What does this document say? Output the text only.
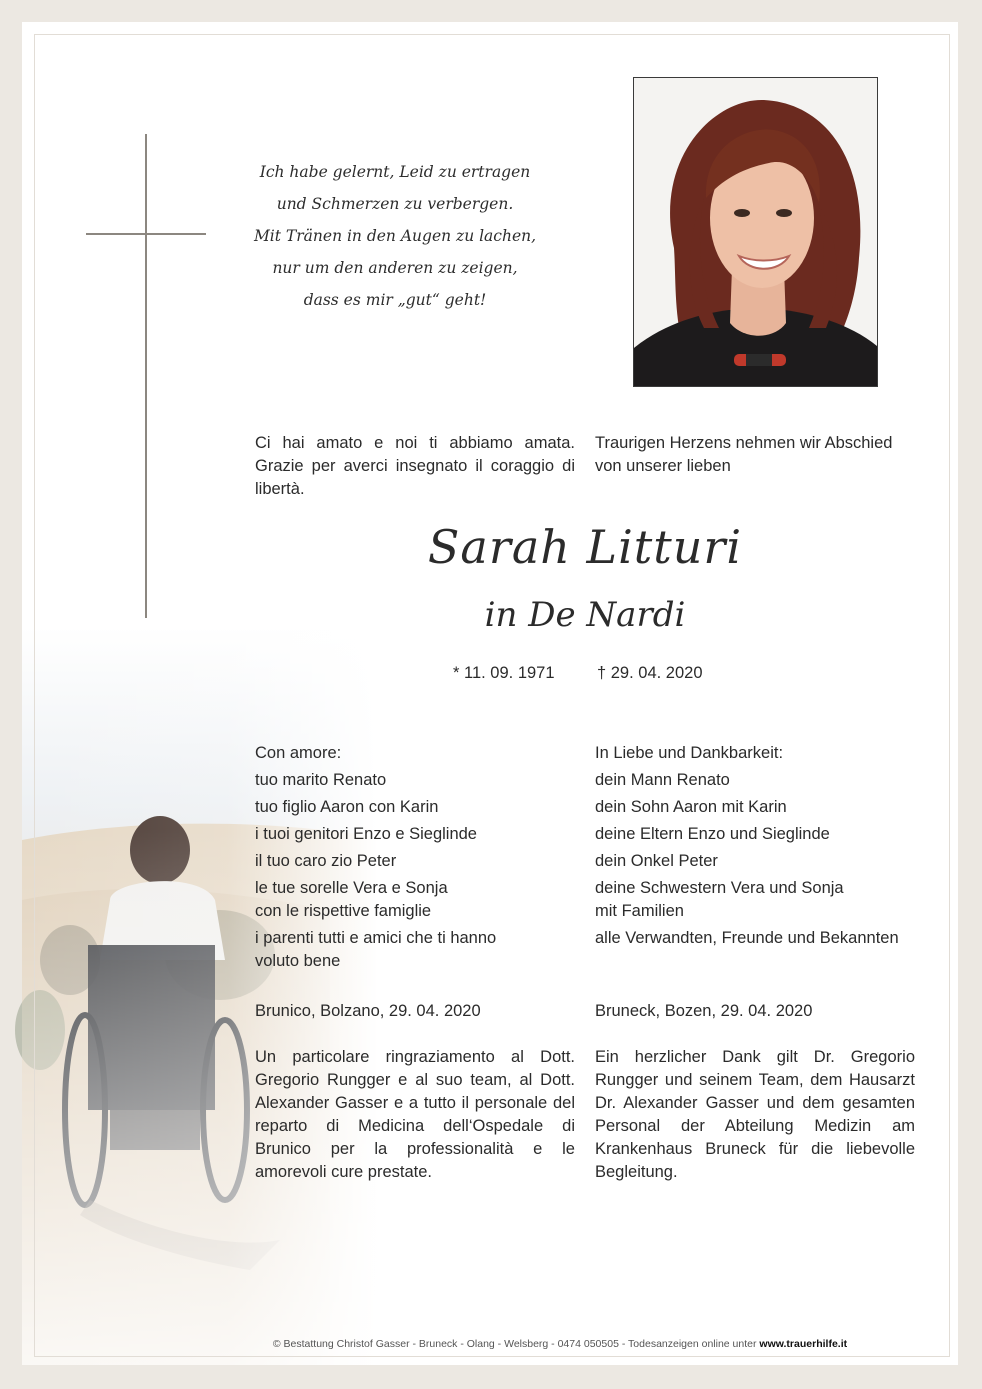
Ich habe gelernt, Leid zu ertragen
und Schmerzen zu verbergen.
Mit Tränen in den Augen zu lachen,
nur um den anderen zu zeigen,
dass es mir „gut“ geht!
Ci hai amato e noi ti abbiamo amata. Grazie per averci insegnato il coraggio di libertà.
Traurigen Herzens nehmen wir Abschied von unserer lieben
Sarah Litturi
in De Nardi
* 11. 09. 1971	† 29. 04. 2020
Con amore:
tuo marito Renato
tuo figlio Aaron con Karin
i tuoi genitori Enzo e Sieglinde
il tuo caro zio Peter
le tue sorelle Vera e Sonja
con le rispettive famiglie
i parenti tutti e amici che ti hanno
voluto bene
In Liebe und Dankbarkeit:
dein Mann Renato
dein Sohn Aaron mit Karin
deine Eltern Enzo und Sieglinde
dein Onkel Peter
deine Schwestern Vera und Sonja
mit Familien
alle Verwandten, Freunde und Bekannten
Brunico, Bolzano, 29. 04. 2020	Bruneck, Bozen, 29. 04. 2020
Un particolare ringraziamento al Dott. Gregorio Rungger e al suo team, al Dott. Alexander Gasser e a tutto il personale del reparto di Medicina dell‘Ospedale di Brunico per la professionalità e le amorevoli cure prestate.
Ein herzlicher Dank gilt Dr. Gregorio Rungger und seinem Team, dem Hausarzt Dr. Alexander Gasser und dem gesamten Personal der Abteilung Medizin am Krankenhaus Bruneck für die liebevolle Begleitung.
© Bestattung Christof Gasser - Bruneck - Olang - Welsberg - 0474 050505 - Todesanzeigen online unter www.trauerhilfe.it
